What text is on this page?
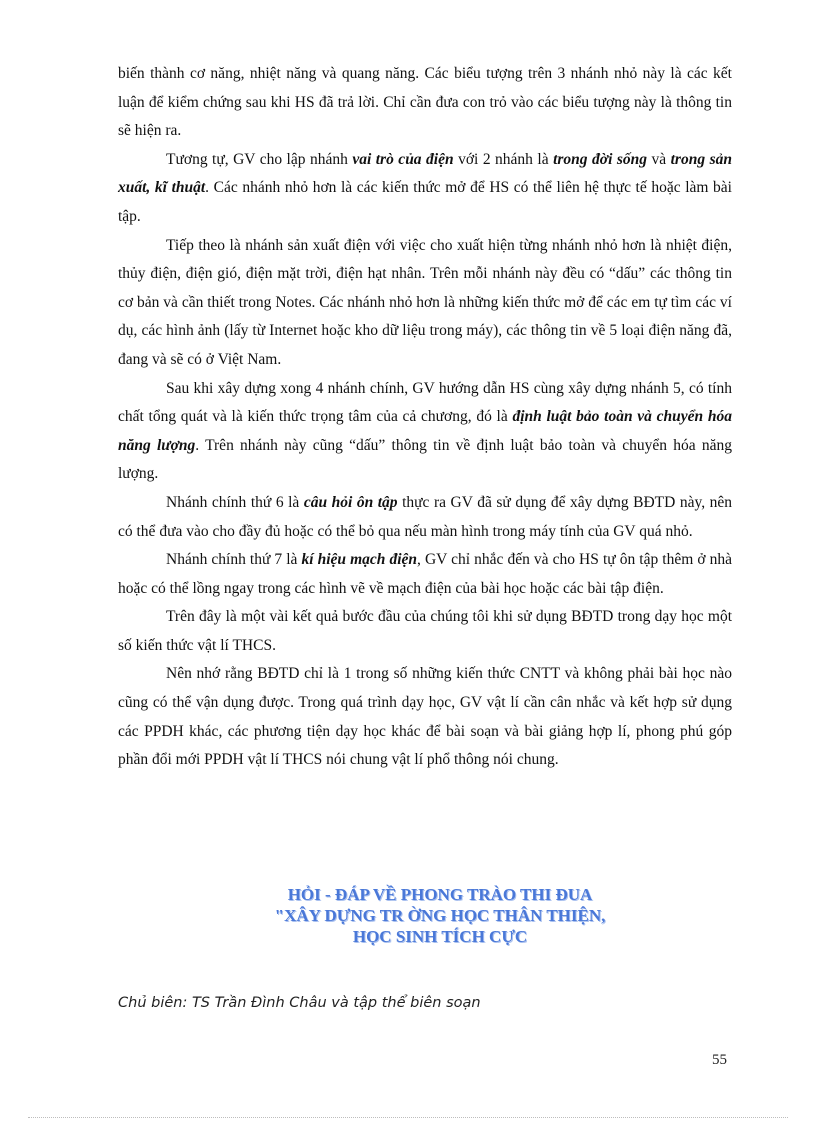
biến thành cơ năng, nhiệt năng và quang năng. Các biểu tượng trên 3 nhánh nhỏ này là các kết luận để kiểm chứng sau khi HS đã trả lời. Chỉ cần đưa con trỏ vào các biểu tượng này là thông tin sẽ hiện ra.

Tương tự, GV cho lập nhánh vai trò của điện với 2 nhánh là trong đời sống và trong sản xuất, kĩ thuật. Các nhánh nhỏ hơn là các kiến thức mở để HS có thể liên hệ thực tế hoặc làm bài tập.

Tiếp theo là nhánh sản xuất điện với việc cho xuất hiện từng nhánh nhỏ hơn là nhiệt điện, thủy điện, điện gió, điện mặt trời, điện hạt nhân. Trên mỗi nhánh này đều có “dấu” các thông tin cơ bản và cần thiết trong Notes. Các nhánh nhỏ hơn là những kiến thức mở để các em tự tìm các ví dụ, các hình ảnh (lấy từ Internet hoặc kho dữ liệu trong máy), các thông tin về 5 loại điện năng đã, đang và sẽ có ở Việt Nam.

Sau khi xây dựng xong 4 nhánh chính, GV hướng dẫn HS cùng xây dựng nhánh 5, có tính chất tổng quát và là kiến thức trọng tâm của cả chương, đó là định luật bảo toàn và chuyển hóa năng lượng. Trên nhánh này cũng “dấu” thông tin về định luật bảo toàn và chuyển hóa năng lượng.

Nhánh chính thứ 6 là câu hỏi ôn tập thực ra GV đã sử dụng để xây dựng BĐTD này, nên có thể đưa vào cho đầy đủ hoặc có thể bỏ qua nếu màn hình trong máy tính của GV quá nhỏ.

Nhánh chính thứ 7 là kí hiệu mạch điện, GV chỉ nhắc đến và cho HS tự ôn tập thêm ở nhà hoặc có thể lồng ngay trong các hình vẽ về mạch điện của bài học hoặc các bài tập điện.

Trên đây là một vài kết quả bước đầu của chúng tôi khi sử dụng BĐTD trong dạy học một số kiến thức vật lí THCS.

Nên nhớ rằng BĐTD chỉ là 1 trong số những kiến thức CNTT và không phải bài học nào cũng có thể vận dụng được. Trong quá trình dạy học, GV vật lí cần cân nhắc và kết hợp sử dụng các PPDH khác, các phương tiện dạy học khác để bài soạn và bài giảng hợp lí, phong phú góp phần đổi mới PPDH vật lí THCS nói chung vật lí phổ thông nói chung.

HỎI - ĐÁP VỀ PHONG TRÀO THI ĐUA
"XÂY DỰNG TR ỜNG HỌC THÂN THIỆN,
HỌC SINH TÍCH CỰC
Chủ biên: TS Trần Đình Châu và tập thể biên soạn
55
